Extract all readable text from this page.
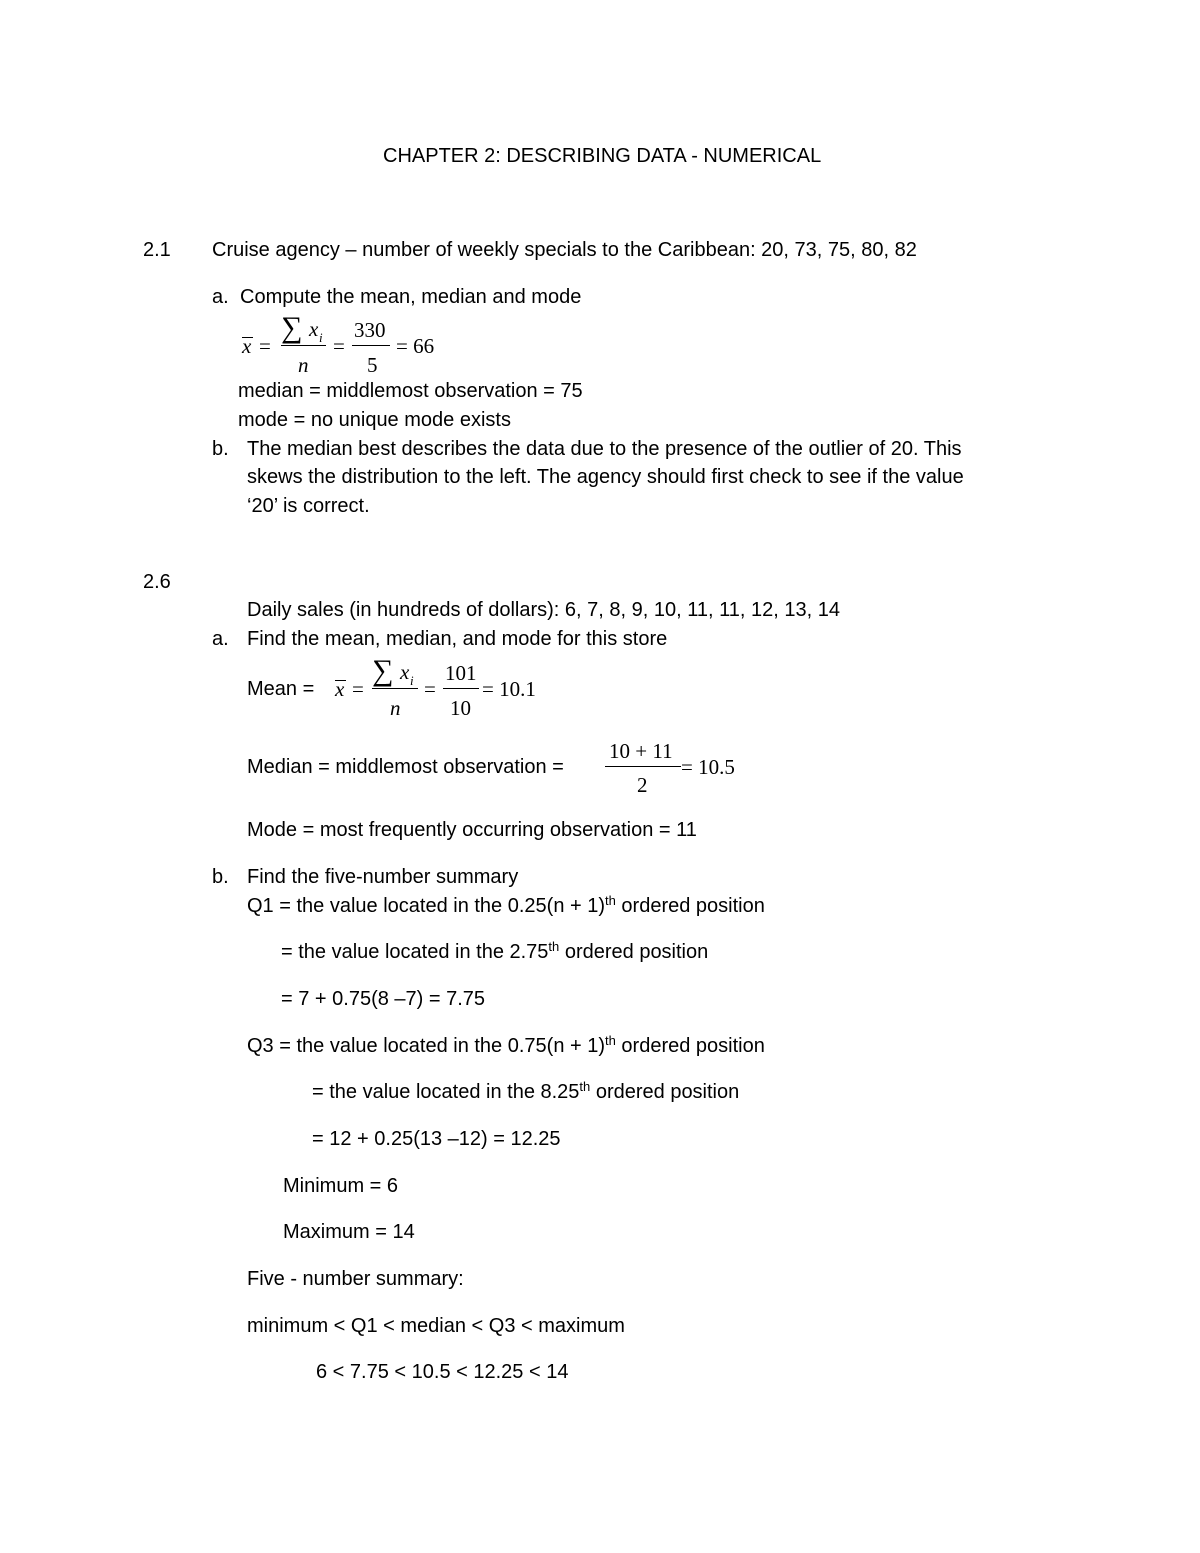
CHAPTER 2: DESCRIBING DATA - NUMERICAL
2.1 Cruise agency – number of weekly specials to the Caribbean: 20, 73, 75, 80, 82
a. Compute the mean, median and mode
x =
∑ x i
n
=
330
5
= 66
median = middlemost observation = 75
mode = no unique mode exists
b. The median best describes the data due to the presence of the outlier of 20. This
skews the distribution to the left. The agency should first check to see if the value
‘20’ is correct.
2.6
Daily sales (in hundreds of dollars): 6, 7, 8, 9, 10, 11, 11, 12, 13, 14
a. Find the mean, median, and mode for this store
Mean = x =
∑ x i
n
=
101
10
= 10.1
Median = middlemost observation =
10 + 11
2
= 10.5
Mode = most frequently occurring observation = 11
b. Find the five-number summary
Q1 = the value located in the $0.25(n + 1)^{th}$ ordered position
= the value located in the 2.75th ordered position
= 7 + 0.75(8 –7) = 7.75
Q3 = the value located in the $0.75(n + 1)^{th}$ ordered position
= the value located in the 8.25th ordered position
= 12 + 0.25(13 –12) = 12.25
Minimum = 6
Maximum = 14
Five - number summary:
minimum < Q1 < median < Q3 < maximum
6 < 7.75 < 10.5 < 12.25 < 14
